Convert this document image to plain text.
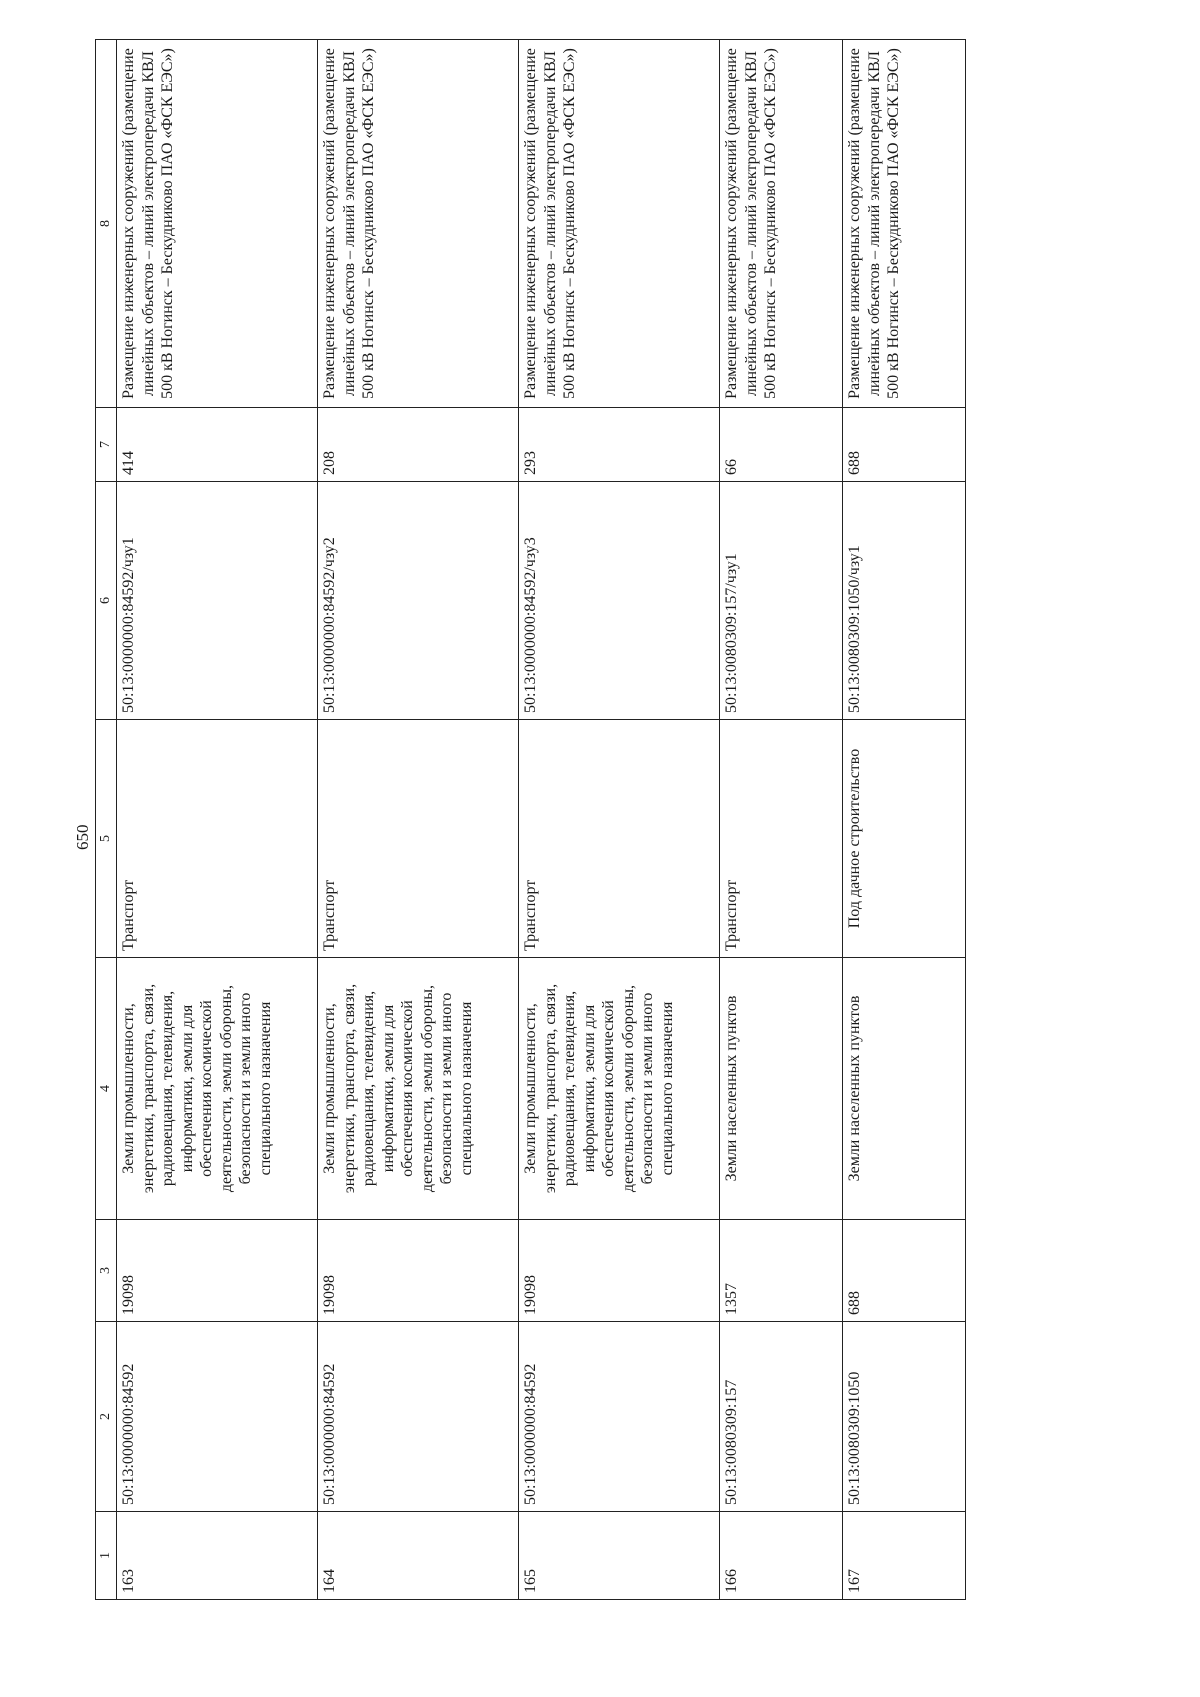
650
1	2	3	4	5	6	7	8
163	50:13:0000000:84592	19098	Земли промышленности, энергетики, транспорта, связи, радиовещания, телевидения, информатики, земли для обеспечения космической деятельности, земли обороны, безопасности и земли иного специального назначения	Транспорт	50:13:0000000:84592/чзу1	414	Размещение инженерных сооружений (размещение линейных объектов – линий электропередачи КВЛ 500 кВ Ногинск – Бескудниково ПАО «ФСК ЕЭС»)
164	50:13:0000000:84592	19098	Земли промышленности, энергетики, транспорта, связи, радиовещания, телевидения, информатики, земли для обеспечения космической деятельности, земли обороны, безопасности и земли иного специального назначения	Транспорт	50:13:0000000:84592/чзу2	208	Размещение инженерных сооружений (размещение линейных объектов – линий электропередачи КВЛ 500 кВ Ногинск – Бескудниково ПАО «ФСК ЕЭС»)
165	50:13:0000000:84592	19098	Земли промышленности, энергетики, транспорта, связи, радиовещания, телевидения, информатики, земли для обеспечения космической деятельности, земли обороны, безопасности и земли иного специального назначения	Транспорт	50:13:0000000:84592/чзу3	293	Размещение инженерных сооружений (размещение линейных объектов – линий электропередачи КВЛ 500 кВ Ногинск – Бескудниково ПАО «ФСК ЕЭС»)
166	50:13:0080309:157	1357	Земли населенных пунктов	Транспорт	50:13:0080309:157/чзу1	66	Размещение инженерных сооружений (размещение линейных объектов – линий электропередачи КВЛ 500 кВ Ногинск – Бескудниково ПАО «ФСК ЕЭС»)
167	50:13:0080309:1050	688	Земли населенных пунктов	Под дачное строительство	50:13:0080309:1050/чзу1	688	Размещение инженерных сооружений (размещение линейных объектов – линий электропередачи КВЛ 500 кВ Ногинск – Бескудниково ПАО «ФСК ЕЭС»)
